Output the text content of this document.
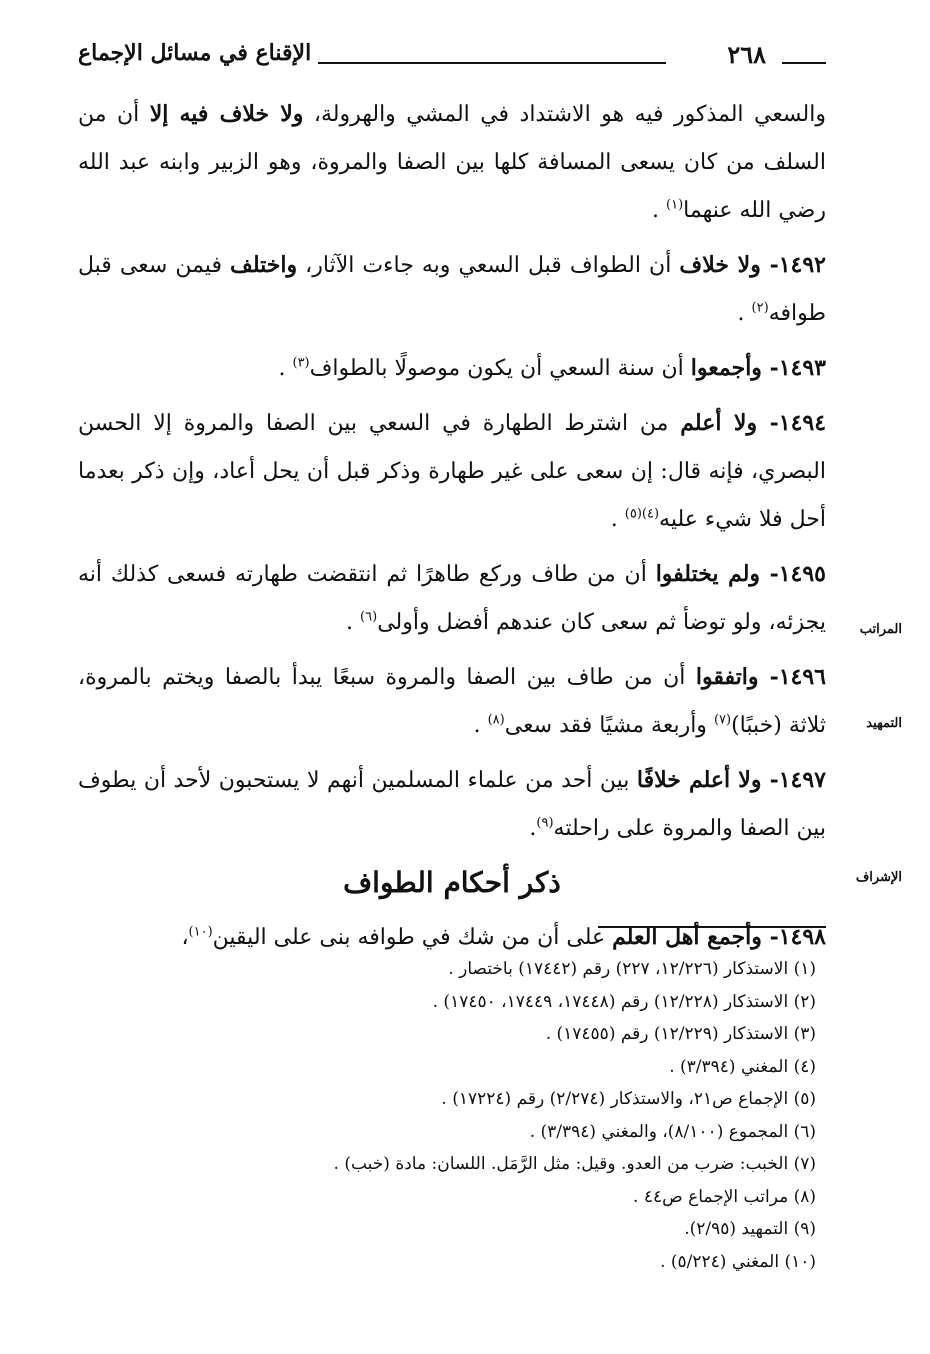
الإقناع في مسائل الإجماع	٢٦٨

والسعي المذكور فيه هو الاشتداد في المشي والهرولة، ولا خلاف فيه إلا أن من السلف من كان يسعى المسافة كلها بين الصفا والمروة، وهو الزبير وابنه عبد الله رضي الله عنهما$^{(١)}$ .

١٤٩٢- ولا خلاف أن الطواف قبل السعي وبه جاءت الآثار، واختلف فيمن سعى قبل طوافه$^{(٢)}$ .

١٤٩٣- وأجمعوا أن سنة السعي أن يكون موصولًا بالطواف$^{(٣)}$ .

١٤٩٤- ولا أعلم من اشترط الطهارة في السعي بين الصفا والمروة إلا الحسن البصري، فإنه قال: إن سعى على غير طهارة وذكر قبل أن يحل أعاد، وإن ذكر بعدما أحل فلا شيء عليه$^{(٤)(٥)}$ .

١٤٩٥- ولم يختلفوا أن من طاف وركع طاهرًا ثم انتقضت طهارته فسعى كذلك أنه يجزئه، ولو توضأ ثم سعى كان عندهم أفضل وأولى$^{(٦)}$ .

١٤٩٦- واتفقوا أن من طاف بين الصفا والمروة سبعًا يبدأ بالصفا ويختم بالمروة، ثلاثة (خببًا)$^{(٧)}$ وأربعة مشيًا فقد سعى$^{(٨)}$ .

١٤٩٧- ولا أعلم خلافًا بين أحد من علماء المسلمين أنهم لا يستحبون لأحد أن يطوف بين الصفا والمروة على راحلته$^{(٩)}$.

ذكر أحكام الطواف

١٤٩٨- وأجمع أهل العلم على أن من شك في طوافه بنى على اليقين$^{(١٠)}$،

المراتب
التمهيد
الإشراف
(١) الاستذكار (١٢/٢٢٦، ٢٢٧) رقم (١٧٤٤٢) باختصار .
(٢) الاستذكار (١٢/٢٢٨) رقم (١٧٤٤٨، ١٧٤٤٩، ١٧٤٥٠) .
(٣) الاستذكار (١٢/٢٢٩) رقم (١٧٤٥٥) .
(٤) المغني (٣/٣٩٤) .
(٥) الإجماع ص٢١، والاستذكار (٢/٢٧٤) رقم (١٧٢٢٤) .
(٦) المجموع (٨/١٠٠)، والمغني (٣/٣٩٤) .
(٧) الخبب: ضرب من العدو. وقيل: مثل الرَّمَل. اللسان: مادة (خبب) .
(٨) مراتب الإجماع ص٤٤ .
(٩) التمهيد (٢/٩٥).
(١٠) المغني (٥/٢٢٤) .
